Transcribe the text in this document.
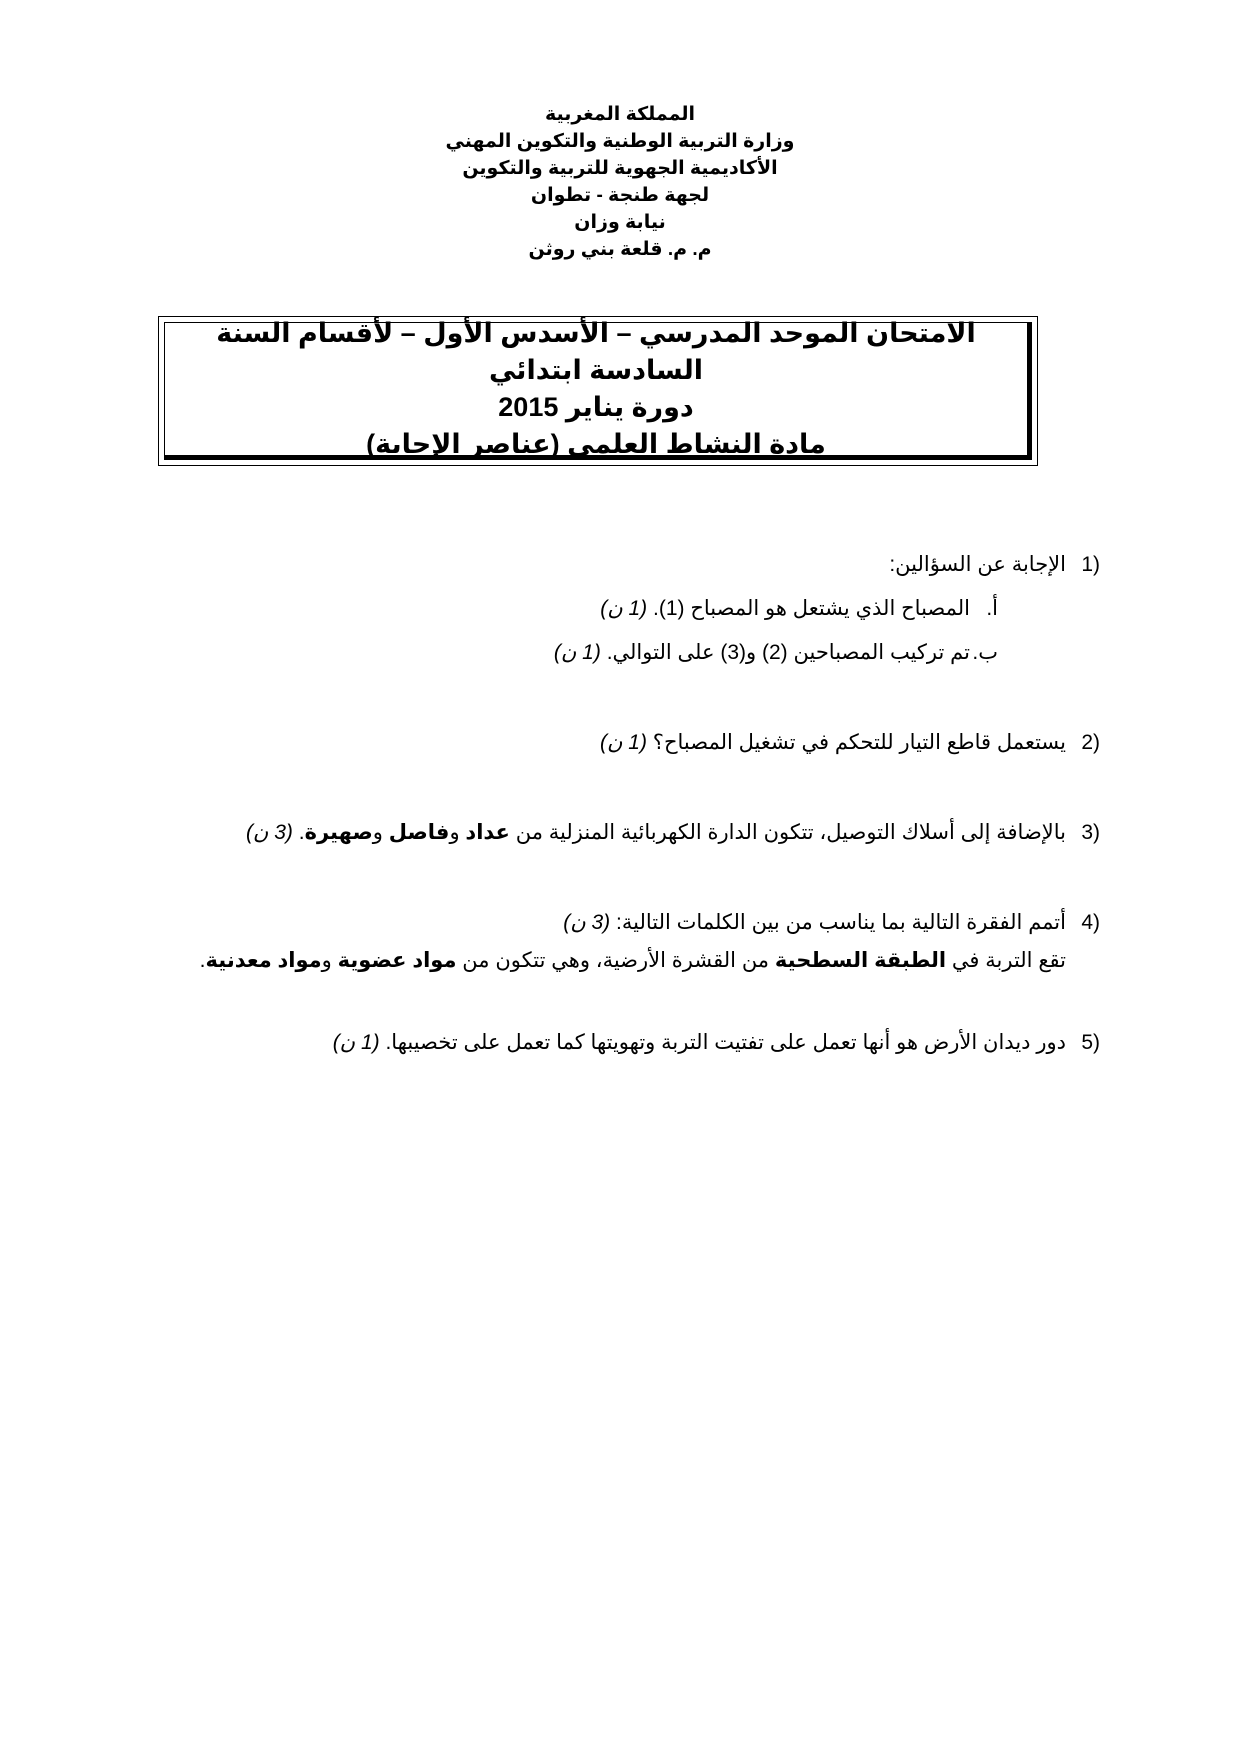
المملكة المغربية
وزارة التربية الوطنية والتكوين المهني
الأكاديمية الجهوية للتربية والتكوين
لجهة طنجة - تطوان
نيابة وزان
م. م. قلعة بني روثن
الامتحان الموحد المدرسي – الأسدس الأول – لأقسام السنة السادسة ابتدائي
دورة يناير 2015
مادة النشاط العلمي (عناصر الإجابة)
(1
الإجابة عن السؤالين:
أ.
المصباح الذي يشتعل هو المصباح (1). (1 ن)
ب.
تم تركيب المصباحين (2) و(3) على التوالي. (1 ن)
(2
يستعمل قاطع التيار للتحكم في تشغيل المصباح؟ (1 ن)
(3
بالإضافة إلى أسلاك التوصيل، تتكون الدارة الكهربائية المنزلية من عداد وفاصل وصهيرة. (3 ن)
(4
أتمم الفقرة التالية بما يناسب من بين الكلمات التالية: (3 ن)
تقع التربة في الطبقة السطحية من القشرة الأرضية، وهي تتكون من مواد عضوية ومواد معدنية.
(5
دور ديدان الأرض هو أنها تعمل على تفتيت التربة وتهويتها كما تعمل على تخصيبها. (1 ن)
